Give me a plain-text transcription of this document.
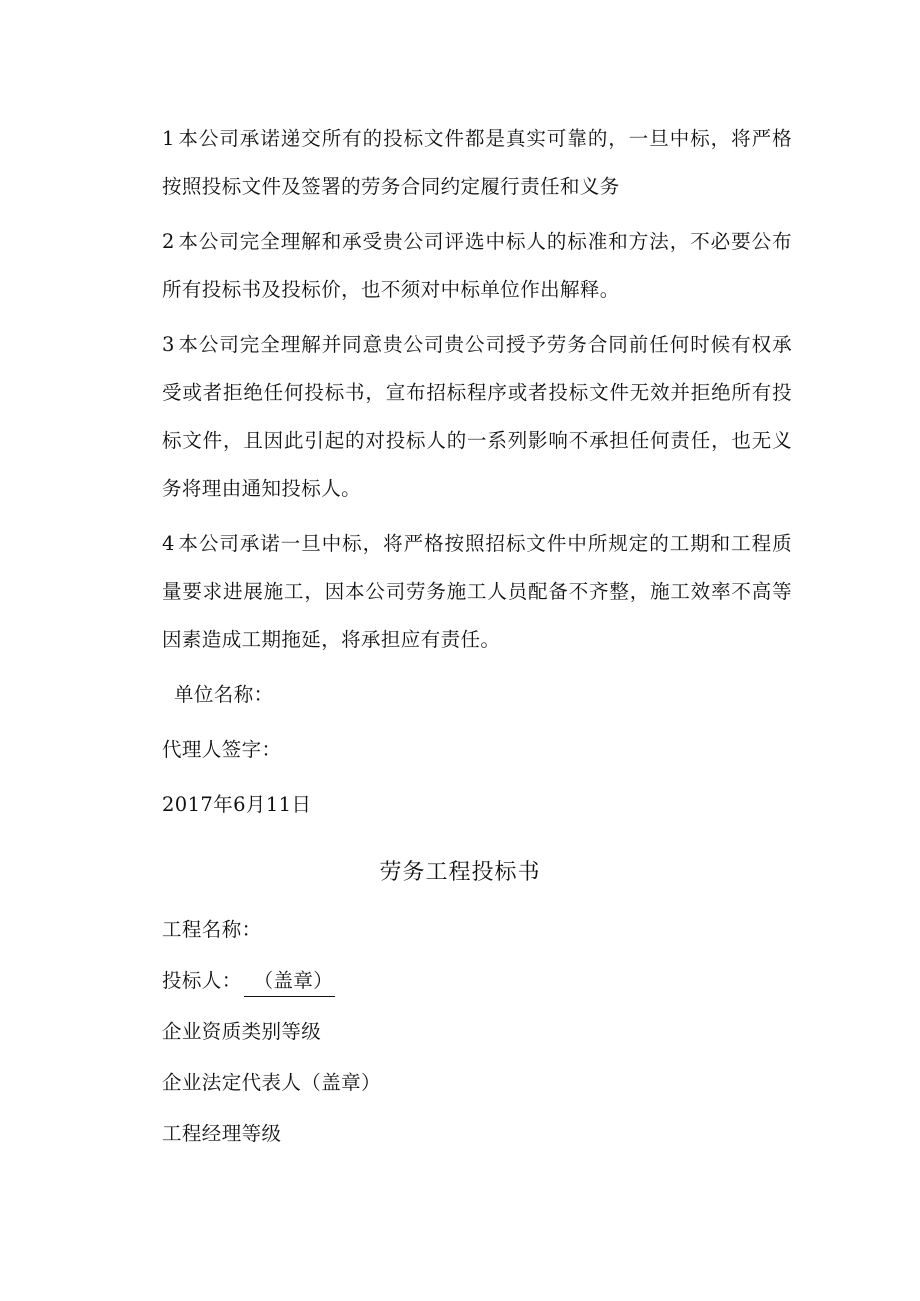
1 本公司承诺递交所有的投标文件都是真实可靠的，一旦中标，将严格按照投标文件及签署的劳务合同约定履行责任和义务

2 本公司完全理解和承受贵公司评选中标人的标准和方法，不必要公布所有投标书及投标价，也不须对中标单位作出解释。

3 本公司完全理解并同意贵公司贵公司授予劳务合同前任何时候有权承受或者拒绝任何投标书，宣布招标程序或者投标文件无效并拒绝所有投标文件，且因此引起的对投标人的一系列影响不承担任何责任，也无义务将理由通知投标人。

4 本公司承诺一旦中标，将严格按照招标文件中所规定的工期和工程质量要求进展施工，因本公司劳务施工人员配备不齐整，施工效率不高等因素造成工期拖延，将承担应有责任。

单位名称：
代理人签字：
2017年6月11日
劳务工程投标书
工程名称：
投标人： （盖章）
企业资质类别等级
企业法定代表人（盖章）
工程经理等级
